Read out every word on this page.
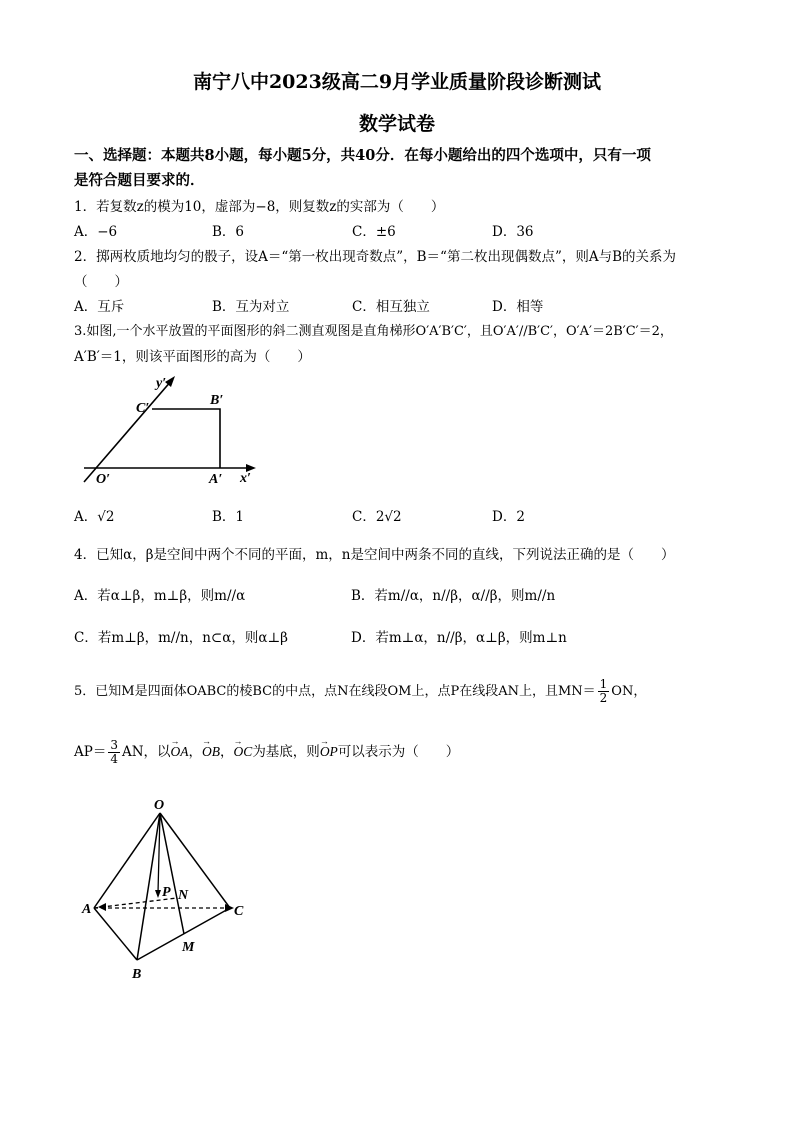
南宁八中2023级高二9月学业质量阶段诊断测试
数学试卷
一、选择题：本题共8小题，每小题5分，共40分．在每小题给出的四个选项中，只有一项
是符合题目要求的．
1．若复数z的模为10，虚部为−8，则复数z的实部为（　　）
A．−6	B．6	C．±6	D．36
2．掷两枚质地均匀的骰子，设A＝“第一枚出现奇数点”，B＝“第二枚出现偶数点”，则A与B的关系为
（　　）
A．互斥	B．互为对立	C．相互独立	D．相等
3.如图,一个水平放置的平面图形的斜二测直观图是直角梯形O′A′B′C′，且O′A′//B′C′，O′A′＝2B′C′＝2，
A′B′＝1，则该平面图形的高为（　　）
y′
C′
B′
O′	A′ x′
A．√2	B．1	C．2√2	D．2
4．已知α，β是空间中两个不同的平面，m，n是空间中两条不同的直线，下列说法正确的是（　　）
A．若α⊥β，m⊥β，则m//α	B．若m//α，n//β，α//β，则m//n
C．若m⊥β，m//n，n⊂α，则α⊥β	D．若m⊥α，n//β，α⊥β，则m⊥n
5．已知M是四面体OABC的棱BC的中点，点N在线段OM上，点P在线段AN上，且$MN= \frac{1}{2}$ ON，
$AP= \frac{3}{4}$ AN，以→ OA，→ OB，→ OC为基底，则→ OP可以表示为（　　）
O
A	C
B
M
N
P
